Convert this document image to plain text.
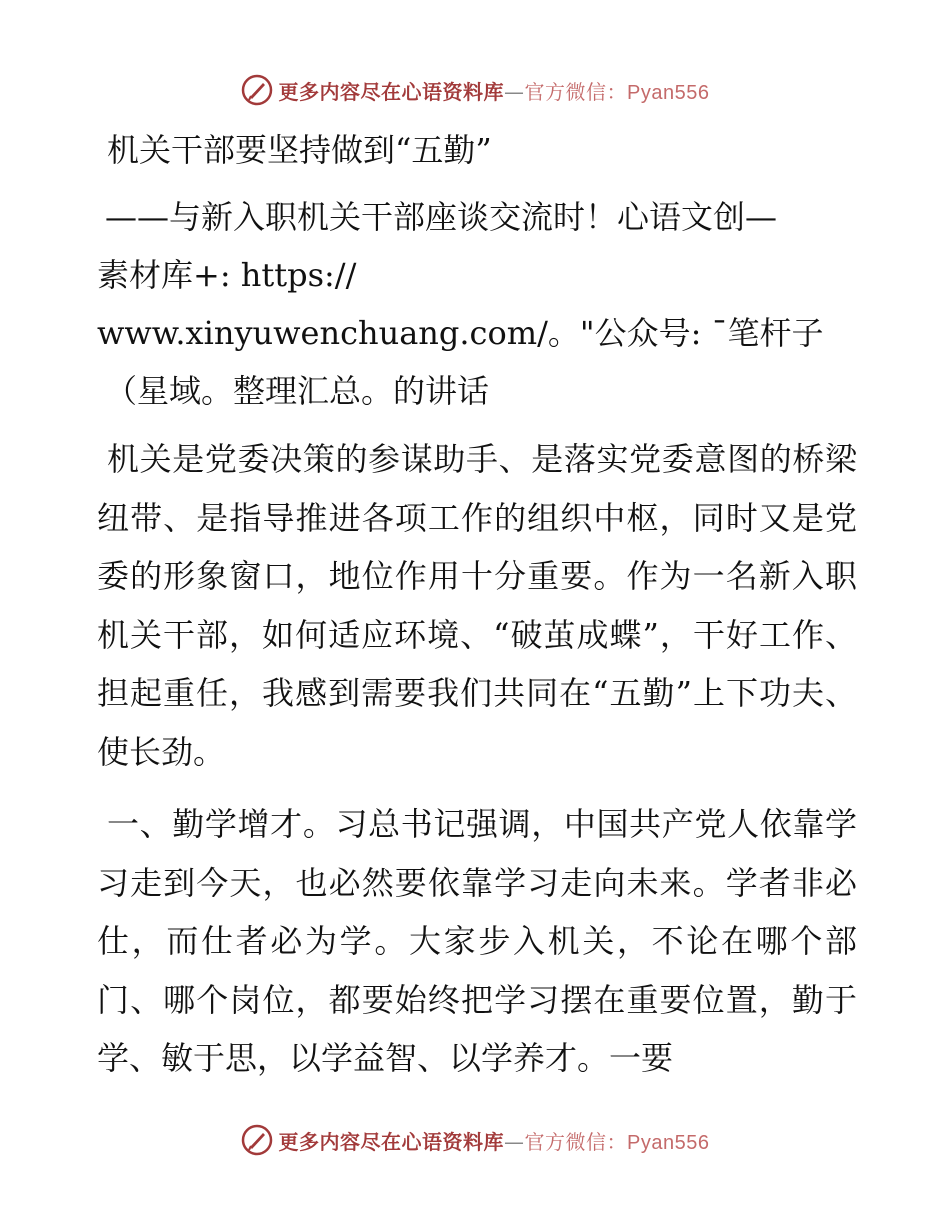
更多内容尽在心语资料库—官方微信：Pyan556
机关干部要坚持做到“五勤”
——与新入职机关干部座谈交流时！心语文创—
素材库+: https://
www.xinyuwenchuang.com/。"公众号: ¯笔杆子
（星域。整理汇总。的讲话

机关是党委决策的参谋助手、是落实党委意图的桥梁纽带、是指导推进各项工作的组织中枢，同时又是党委的形象窗口，地位作用十分重要。作为一名新入职机关干部，如何适应环境、“破茧成蝶”，干好工作、担起重任，我感到需要我们共同在“五勤”上下功夫、使长劲。

一、勤学增才。习总书记强调，中国共产党人依靠学习走到今天，也必然要依靠学习走向未来。学者非必仕，而仕者必为学。大家步入机关，不论在哪个部门、哪个岗位，都要始终把学习摆在重要位置，勤于学、敏于思，以学益智、以学养才。一要

更多内容尽在心语资料库—官方微信：Pyan556
